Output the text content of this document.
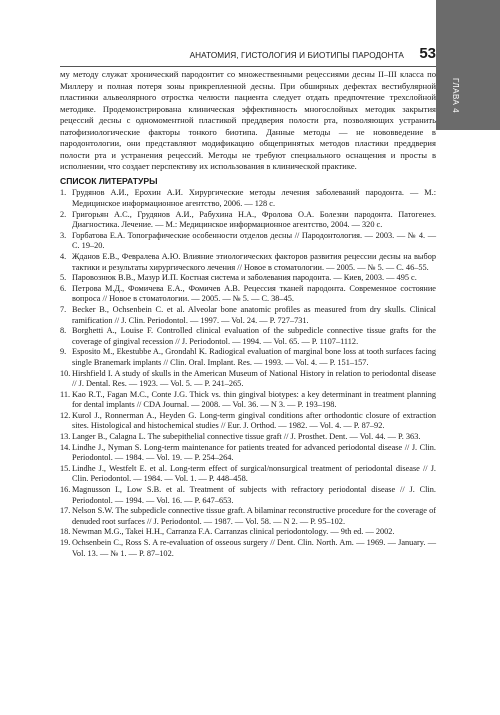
ГЛАВА 4
АНАТОМИЯ, ГИСТОЛОГИЯ И БИОТИПЫ ПАРОДОНТА 53

му методу служат хронический пародонтит со множественными рецессиями десны II–III класса по Миллеру и полная потеря зоны прикрепленной десны. При обширных дефектах вестибулярной пластинки альвеолярного отростка челюсти пациента следует отдать предпочтение трехслойной методике. Продемонстрирована клиническая эффективность многослойных методик закрытия рецессий десны с одномоментной пластикой преддверия полости рта, позволяющих устранить патофизиологические факторы тонкого биотипа. Данные методы — не нововведение в пародонтологии, они представляют модификацию общепринятых методов пластики преддверия полости рта и устранения рецессий. Методы не требуют специального оснащения и просты в исполнении, что создает перспективу их использования в клинической практике.

СПИСОК ЛИТЕРАТУРЫ
1. Грудянов А.И., Ерохин А.И. Хирургические методы лечения заболеваний пародонта. — М.: Медицинское информационное агентство, 2006. — 128 с.
2. Григорьян А.С., Грудянов А.И., Рабухина Н.А., Фролова О.А. Болезни пародонта. Патогенез. Диагностика. Лечение. — М.: Медицинское информационное агентство, 2004. — 320 с.
3. Горбатова Е.А. Топографические особенности отделов десны // Пародонтология. — 2003. — № 4. — С. 19–20.
4. Жданов Е.В., Февралева А.Ю. Влияние этиологических факторов развития рецессии десны на выбор тактики и результаты хирургического лечения // Новое в стоматологии. — 2005. — № 5. — С. 46–55.
5. Паровознюк В.В., Мазур И.П. Костная система и заболевания пародонта. — Киев, 2003. — 495 с.
6. Петрова М.Д., Фомичева Е.А., Фомичев А.В. Рецессия тканей пародонта. Современное состояние вопроса // Новое в стоматологии. — 2005. — № 5. — С. 38–45.
7. Becker B., Ochsenbein C. et al. Alveolar bone anatomic profiles as measured from dry skulls. Clinical ramification // J. Clin. Periodontol. — 1997. — Vol. 24. — P. 727–731.
8. Borghetti A., Louise F. Controlled clinical evaluation of the subpedicle connective tissue grafts for the coverage of gingival recession // J. Periodontol. — 1994. — Vol. 65. — P. 1107–1112.
9. Esposito M., Ekestubbe A., Grondahl K. Radiogical evaluation of marginal bone loss at tooth surfaces facing single Branemark implants // Clin. Oral. Implant. Res. — 1993. — Vol. 4. — P. 151–157.
10. Hirshfield I. A study of skulls in the American Museum of National History in relation to periodontal disease // J. Dental. Res. — 1923. — Vol. 5. — P. 241–265.
11. Kao R.T., Fagan M.C., Conte J.G. Thick vs. thin gingival biotypes: a key determinant in treatment planning for dental implants // CDA Journal. — 2008. — Vol. 36. — N 3. — P. 193–198.
12. Kurol J., Ronnerman A., Heyden G. Long-term gingival conditions after orthodontic closure of extraction sites. Histological and histochemical studies // Eur. J. Orthod. — 1982. — Vol. 4. — P. 87–92.
13. Langer B., Calagna L. The subepithelial connective tissue graft // J. Prosthet. Dent. — Vol. 44. — P. 363.
14. Lindhe J., Nyman S. Long-term maintenance for patients treated for advanced periodontal disease // J. Clin. Periodontol. — 1984. — Vol. 19. — P. 254–264.
15. Lindhe J., Westfelt E. et al. Long-term effect of surgical/nonsurgical treatment of periodontal disease // J. Clin. Periodontol. — 1984. — Vol. 1. — P. 448–458.
16. Magnusson I., Low S.B. et al. Treatment of subjects with refractory periodontal disease // J. Clin. Periodontol. — 1994. — Vol. 16. — P. 647–653.
17. Nelson S.W. The subpedicle connective tissue graft. A bilaminar reconstructive procedure for the coverage of denuded root surfaces // J. Periodontol. — 1987. — Vol. 58. — N 2. — P. 95–102.
18. Newman M.G., Takei H.H., Carranza F.A. Carranzas clinical periodontology. — 9th ed. — 2002.
19. Ochsenbein C., Ross S. A re-evaluation of osseous surgery // Dent. Clin. North. Am. — 1969. — January. — Vol. 13. — № 1. — P. 87–102.
